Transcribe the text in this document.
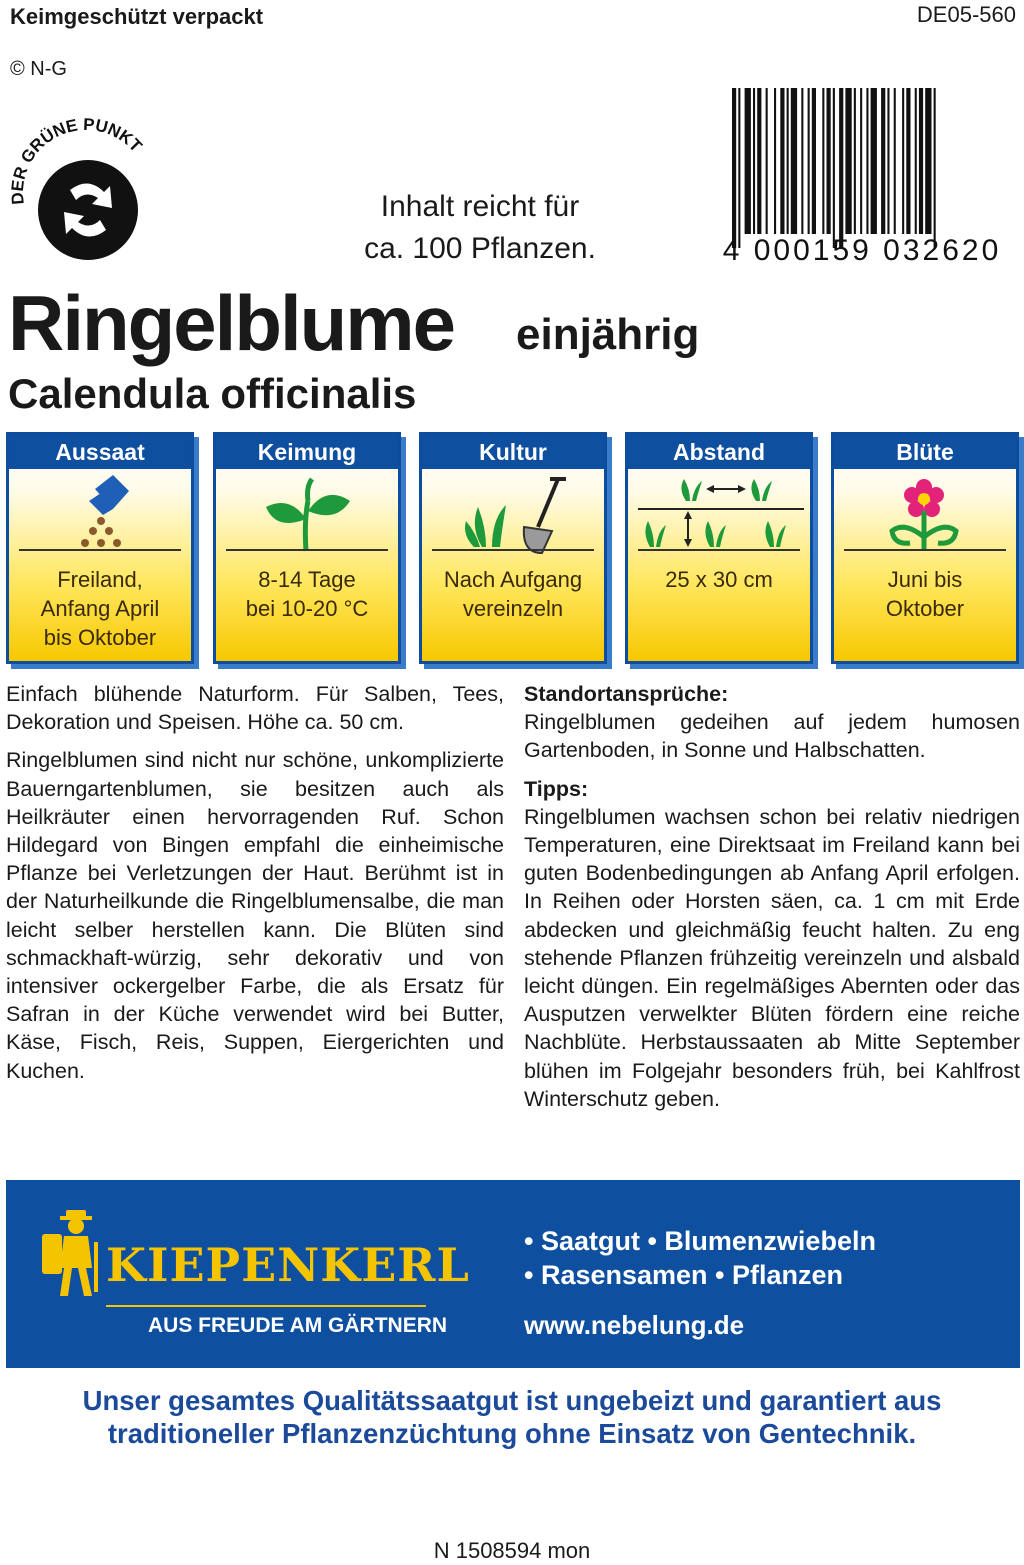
Keimgeschützt verpackt
© N-G
DE05-560
DER GRÜNE PUNKT
Inhalt reicht für
ca. 100 Pflanzen.	4 000159 032620
Ringelblume einjährig
Calendula officinalis
Aussaat
Freiland,
Anfang April
bis Oktober
Keimung
8-14 Tage
bei 10-20 °C
Kultur
Nach Aufgang
vereinzeln
Abstand
25 x 30 cm
Blüte
Juni bis
Oktober

Einfach blühende Naturform. Für Salben, Tees, Dekoration und Speisen. Höhe ca. 50 cm.

Ringelblumen sind nicht nur schöne, unkomplizierte Bauerngartenblumen, sie besitzen auch als Heilkräuter einen hervorragenden Ruf. Schon Hildegard von Bingen empfahl die einheimische Pflanze bei Verletzungen der Haut. Berühmt ist in der Naturheilkunde die Ringelblumensalbe, die man leicht selber herstellen kann. Die Blüten sind schmackhaft-würzig, sehr dekorativ und von intensiver ockergelber Farbe, die als Ersatz für Safran in der Küche verwendet wird bei Butter, Käse, Fisch, Reis, Suppen, Eiergerichten und Kuchen.

Standortansprüche:

Ringelblumen gedeihen auf jedem humosen Gartenboden, in Sonne und Halbschatten.

Tipps:

Ringelblumen wachsen schon bei relativ niedrigen Temperaturen, eine Direktsaat im Freiland kann bei guten Bodenbedingungen ab Anfang April erfolgen. In Reihen oder Horsten säen, ca. 1 cm mit Erde abdecken und gleichmäßig feucht halten. Zu eng stehende Pflanzen frühzeitig vereinzeln und alsbald leicht düngen. Ein regelmäßiges Abernten oder das Ausputzen verwelkter Blüten fördern eine reiche Nachblüte. Herbstaussaaten ab Mitte September blühen im Folgejahr besonders früh, bei Kahlfrost Winterschutz geben.

KIEPENKERL
AUS FREUDE AM GÄRTNERN
• Saatgut • Blumenzwiebeln
• Rasensamen • Pflanzen
www.nebelung.de
Unser gesamtes Qualitätssaatgut ist ungebeizt und garantiert aus
traditioneller Pflanzenzüchtung ohne Einsatz von Gentechnik.
N 1508594 mon
